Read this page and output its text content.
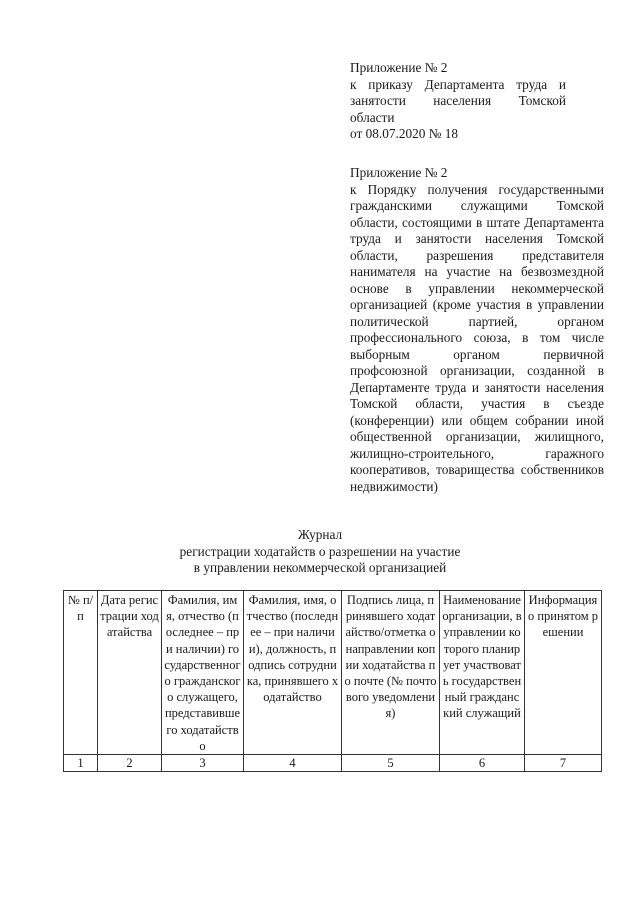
Приложение № 2
к приказу Департамента труда и
занятости населения Томской
области
от 08.07.2020 № 18
Приложение № 2
к Порядку получения государственными гражданскими служащими Томской области, состоящими в штате Департамента труда и занятости населения Томской области, разрешения представителя нанимателя на участие на безвозмездной основе в управлении некоммерческой организацией (кроме участия в управлении политической партией, органом профессионального союза, в том числе выборным органом первичной профсоюзной организации, созданной в Департаменте труда и занятости населения Томской области, участия в съезде (конференции) или общем собрании иной общественной организации, жилищного, жилищно-строительного, гаражного кооперативов, товарищества собственников недвижимости)
Журнал
регистрации ходатайств о разрешении на участие
в управлении некоммерческой организацией
№ п/п	Дата регистрации ходатайства	Фамилия, имя, отчество (последнее – при наличии) государственного гражданского служащего, представившего ходатайство	Фамилия, имя, отчество (последнее – при наличии), должность, подпись сотрудника, принявшего ходатайство	Подпись лица, принявшего ходатайство/отметка о направлении копии ходатайства по почте (№ почтового уведомления)	Наименование организации, в управлении которого планирует участвовать государственный гражданский служащий	Информация о принятом решении
1	2	3	4	5	6	7
